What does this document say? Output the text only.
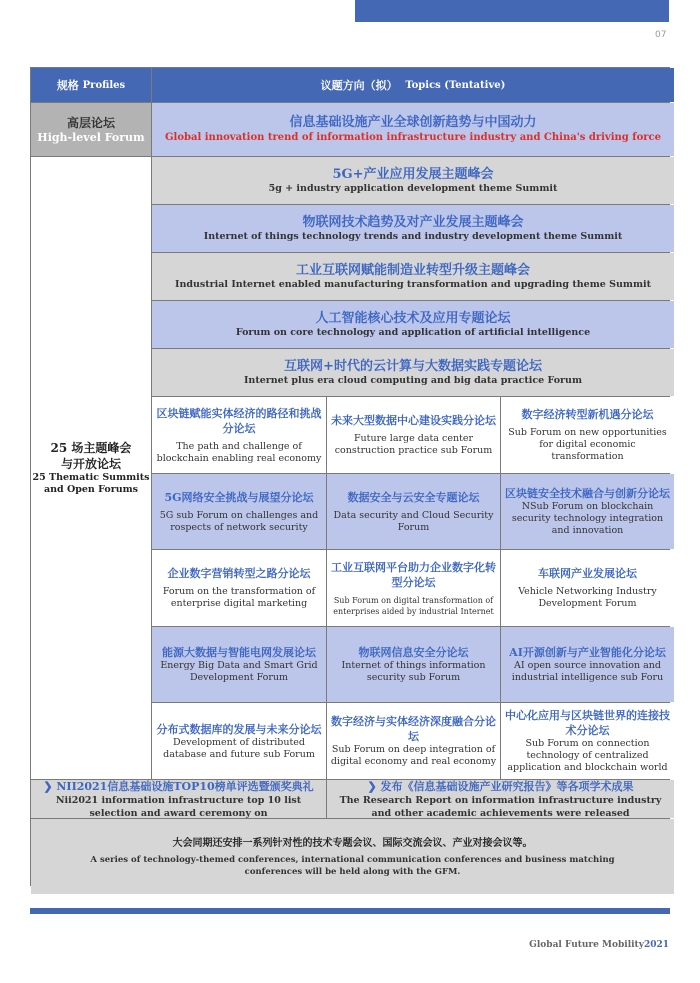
07
规格
Profiles	议题方向（拟）
Topics (Tentative)
高层论坛
High-level Forum
信息基础设施产业全球创新趋势与中国动力
Global innovation trend of information infrastructure industry and China's driving force
25 场主题峰会
与开放论坛
25 Thematic Summits
and Open Forums
5G+产业应用发展主题峰会
5g + industry application development theme Summit
物联网技术趋势及对产业发展主题峰会
Internet of things technology trends and industry development theme Summit
工业互联网赋能制造业转型升级主题峰会
Industrial Internet enabled manufacturing transformation and upgrading theme Summit
人工智能核心技术及应用专题论坛
Forum on core technology and application of artificial intelligence
互联网+时代的云计算与大数据实践专题论坛
Internet plus era cloud computing and big data practice Forum
区块链赋能实体经济的路径和挑战分论坛
The path and challenge of blockchain enabling real economy
未来大型数据中心建设实践分论坛
Future large data center construction practice sub Forum
数字经济转型新机遇分论坛
Sub Forum on new opportunities for digital economic transformation
5G网络安全挑战与展望分论坛
5G sub Forum on challenges and rospects of network security
数据安全与云安全专题论坛
Data security and Cloud Security Forum
区块链安全技术融合与创新分论坛
NSub Forum on blockchain security technology integration and innovation
企业数字营销转型之路分论坛
Forum on the transformation of enterprise digital marketing
工业互联网平台助力企业数字化转型分论坛
Sub Forum on digital transformation of enterprises aided by industrial Internet
车联网产业发展论坛
Vehicle Networking Industry Development Forum
能源大数据与智能电网发展论坛
Energy Big Data and Smart Grid Development Forum
物联网信息安全分论坛
Internet of things information security sub Forum
AI开源创新与产业智能化分论坛
AI open source innovation and industrial intelligence sub Foru
分布式数据库的发展与未来分论坛
Development of distributed database and future sub Forum
数字经济与实体经济深度融合分论坛
Sub Forum on deep integration of digital economy and real economy
中心化应用与区块链世界的连接技术分论坛
Sub Forum on connection technology of centralized application and blockchain world
❯ NII2021信息基础设施TOP10榜单评选暨颁奖典礼
Nii2021 information infrastructure top 10 list selection and award ceremony on
❯ 发布《信息基础设施产业研究报告》等各项学术成果
The Research Report on information infrastructure industry and other academic achievements were released
大会同期还安排一系列针对性的技术专题会议、国际交流会议、产业对接会议等。
A series of technology-themed conferences, international communication conferences and business matching conferences will be held along with the GFM.
Global Future Mobility2021
